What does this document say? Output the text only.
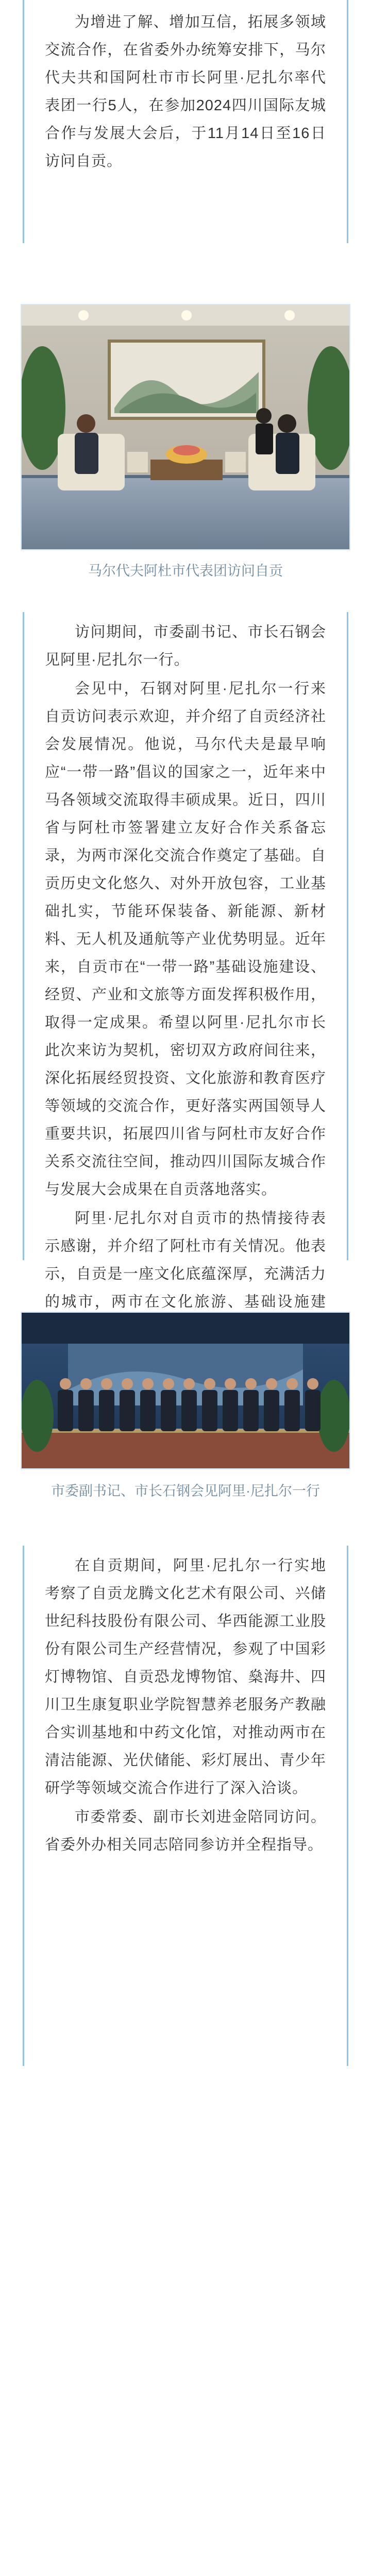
为增进了解、增加互信，拓展多领域交流合作，在省委外办统筹安排下，马尔代夫共和国阿杜市市长阿里·尼扎尔率代表团一行5人，在参加2024四川国际友城合作与发展大会后，于11月14日至16日访问自贡。

马尔代夫阿杜市代表团访问自贡

访问期间，市委副书记、市长石钢会见阿里·尼扎尔一行。

会见中，石钢对阿里·尼扎尔一行来自贡访问表示欢迎，并介绍了自贡经济社会发展情况。他说，马尔代夫是最早响应“一带一路”倡议的国家之一，近年来中马各领域交流取得丰硕成果。近日，四川省与阿杜市签署建立友好合作关系备忘录，为两市深化交流合作奠定了基础。自贡历史文化悠久、对外开放包容，工业基础扎实，节能环保装备、新能源、新材料、无人机及通航等产业优势明显。近年来，自贡市在“一带一路”基础设施建设、经贸、产业和文旅等方面发挥积极作用，取得一定成果。希望以阿里·尼扎尔市长此次来访为契机，密切双方政府间往来，深化拓展经贸投资、文化旅游和教育医疗等领域的交流合作，更好落实两国领导人重要共识，拓展四川省与阿杜市友好合作关系交流往空间，推动四川国际友城合作与发展大会成果在自贡落地落实。

阿里·尼扎尔对自贡市的热情接待表示感谢，并介绍了阿杜市有关情况。他表示，自贡是一座文化底蕴深厚，充满活力的城市，两市在文化旅游、基础设施建

市委副书记、市长石钢会见阿里·尼扎尔一行

在自贡期间，阿里·尼扎尔一行实地考察了自贡龙腾文化艺术有限公司、兴储世纪科技股份有限公司、华西能源工业股份有限公司生产经营情况，参观了中国彩灯博物馆、自贡恐龙博物馆、燊海井、四川卫生康复职业学院智慧养老服务产教融合实训基地和中药文化馆，对推动两市在清洁能源、光伏储能、彩灯展出、青少年研学等领域交流合作进行了深入洽谈。

市委常委、副市长刘进金陪同访问。省委外办相关同志陪同参访并全程指导。
